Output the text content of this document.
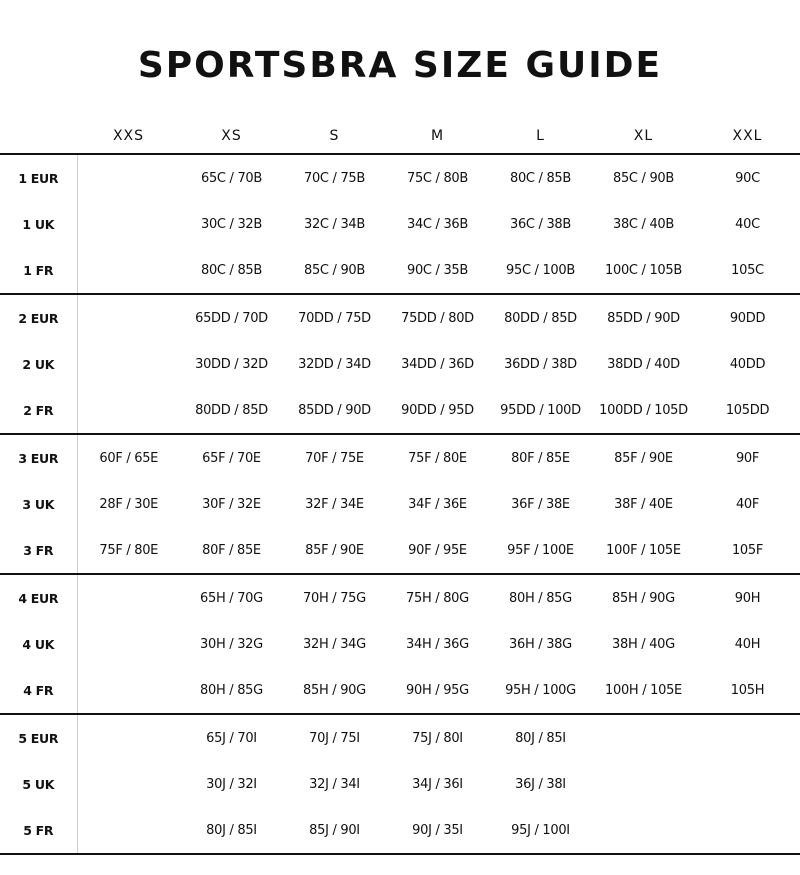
SPORTSBRA SIZE GUIDE
	XXS	XS	S	M	L	XL	XXL
1 EUR		65C / 70B	70C / 75B	75C / 80B	80C / 85B	85C / 90B	90C
1 UK		30C / 32B	32C / 34B	34C / 36B	36C / 38B	38C / 40B	40C
1 FR		80C / 85B	85C / 90B	90C / 35B	95C / 100B	100C / 105B	105C
2 EUR		65DD / 70D	70DD / 75D	75DD / 80D	80DD / 85D	85DD / 90D	90DD
2 UK		30DD / 32D	32DD / 34D	34DD / 36D	36DD / 38D	38DD / 40D	40DD
2 FR		80DD / 85D	85DD / 90D	90DD / 95D	95DD / 100D	100DD / 105D	105DD
3 EUR	60F / 65E	65F / 70E	70F / 75E	75F / 80E	80F / 85E	85F / 90E	90F
3 UK	28F / 30E	30F / 32E	32F / 34E	34F / 36E	36F / 38E	38F / 40E	40F
3 FR	75F / 80E	80F / 85E	85F / 90E	90F / 95E	95F / 100E	100F / 105E	105F
4 EUR		65H / 70G	70H / 75G	75H / 80G	80H / 85G	85H / 90G	90H
4 UK		30H / 32G	32H / 34G	34H / 36G	36H / 38G	38H / 40G	40H
4 FR		80H / 85G	85H / 90G	90H / 95G	95H / 100G	100H / 105E	105H
5 EUR		65J / 70I	70J / 75I	75J / 80I	80J / 85I		
5 UK		30J / 32I	32J / 34I	34J / 36I	36J / 38I		
5 FR		80J / 85I	85J / 90I	90J / 35I	95J / 100I		
